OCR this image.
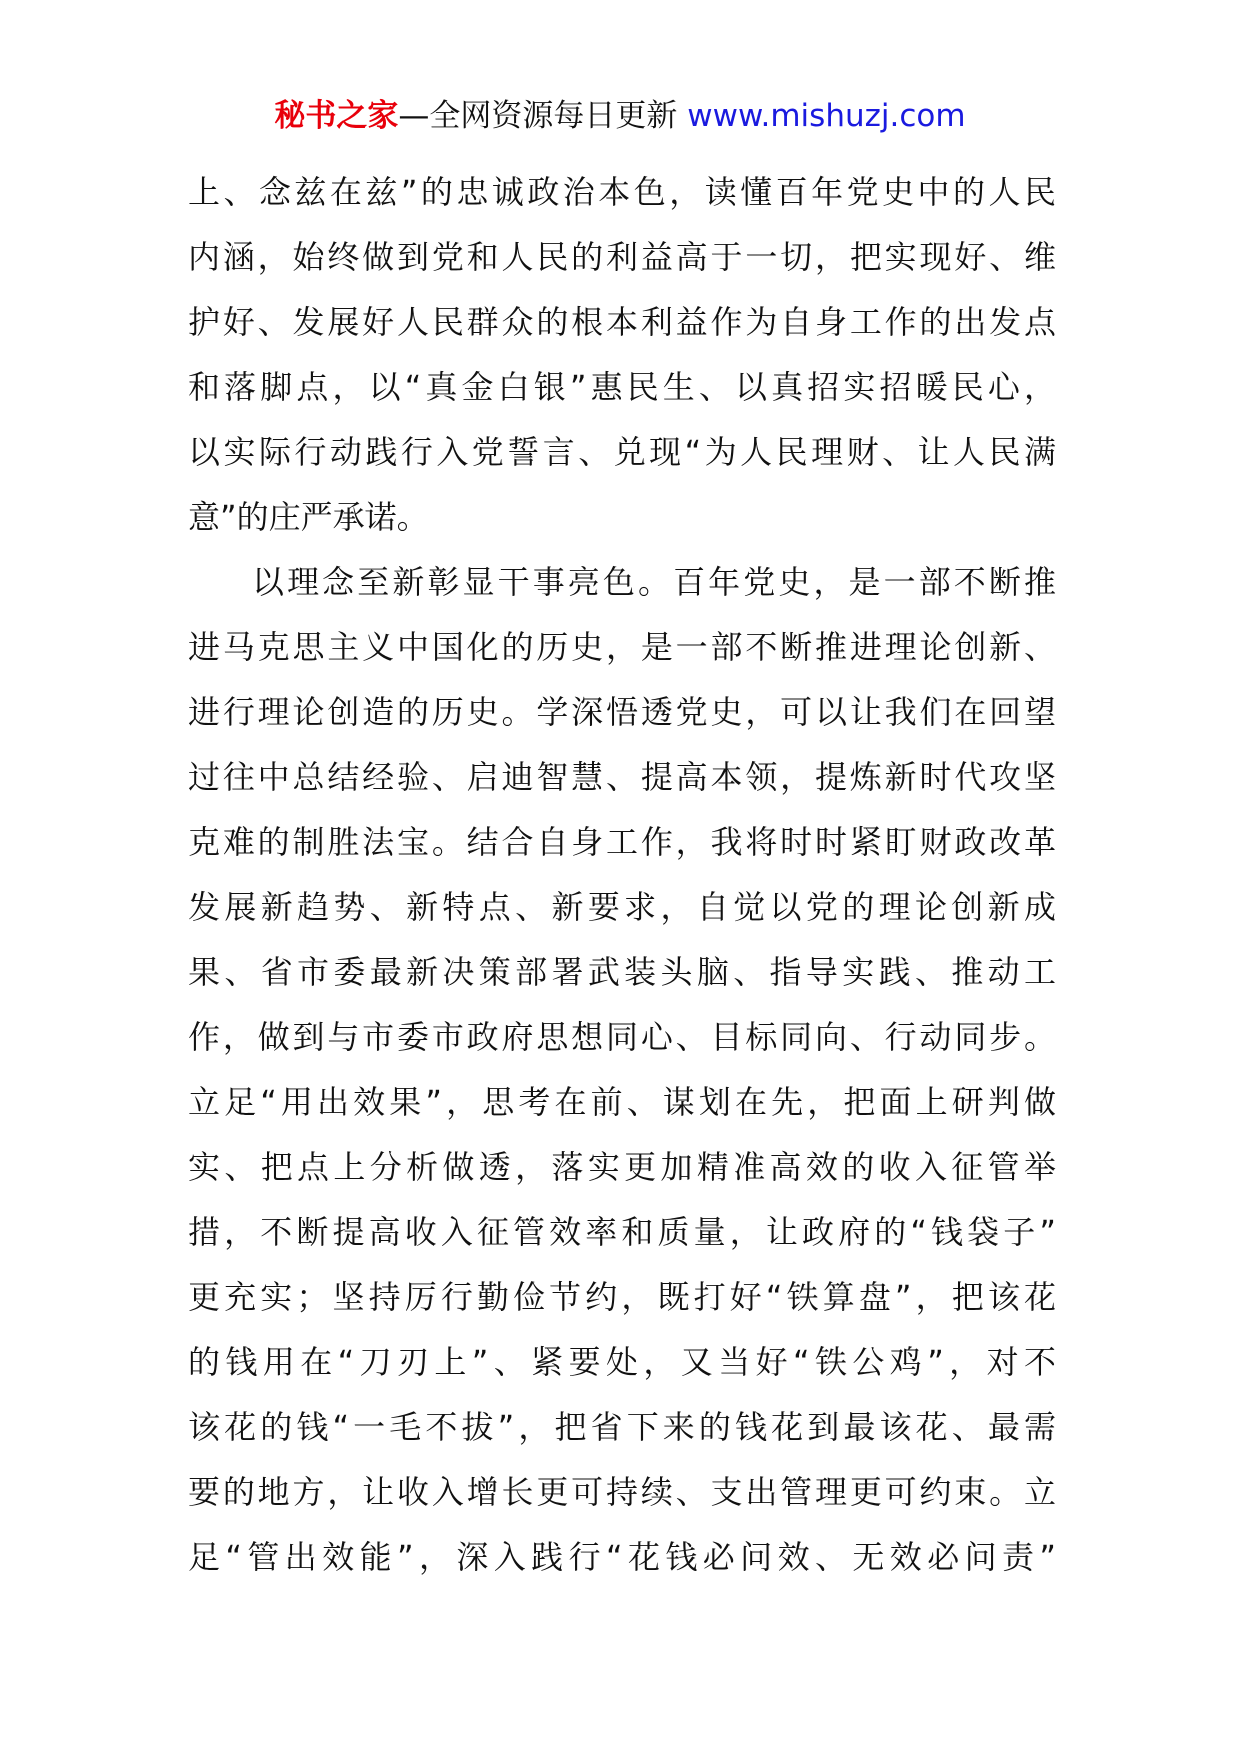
秘书之家—全网资源每日更新 www.mishuzj.com
上、念兹在兹”的忠诚政治本色，读懂百年党史中的人民
内涵，始终做到党和人民的利益高于一切，把实现好、维
护好、发展好人民群众的根本利益作为自身工作的出发点
和落脚点，以“真金白银”惠民生、以真招实招暖民心，
以实际行动践行入党誓言、兑现“为人民理财、让人民满
意”的庄严承诺。
以理念至新彰显干事亮色。百年党史，是一部不断推
进马克思主义中国化的历史，是一部不断推进理论创新、
进行理论创造的历史。学深悟透党史，可以让我们在回望
过往中总结经验、启迪智慧、提高本领，提炼新时代攻坚
克难的制胜法宝。结合自身工作，我将时时紧盯财政改革
发展新趋势、新特点、新要求，自觉以党的理论创新成
果、省市委最新决策部署武装头脑、指导实践、推动工
作，做到与市委市政府思想同心、目标同向、行动同步。
立足“用出效果”，思考在前、谋划在先，把面上研判做
实、把点上分析做透，落实更加精准高效的收入征管举
措，不断提高收入征管效率和质量，让政府的“钱袋子”
更充实；坚持厉行勤俭节约，既打好“铁算盘”，把该花
的钱用在“刀刃上”、紧要处，又当好“铁公鸡”，对不
该花的钱“一毛不拔”，把省下来的钱花到最该花、最需
要的地方，让收入增长更可持续、支出管理更可约束。立
足“管出效能”，深入践行“花钱必问效、无效必问责”
